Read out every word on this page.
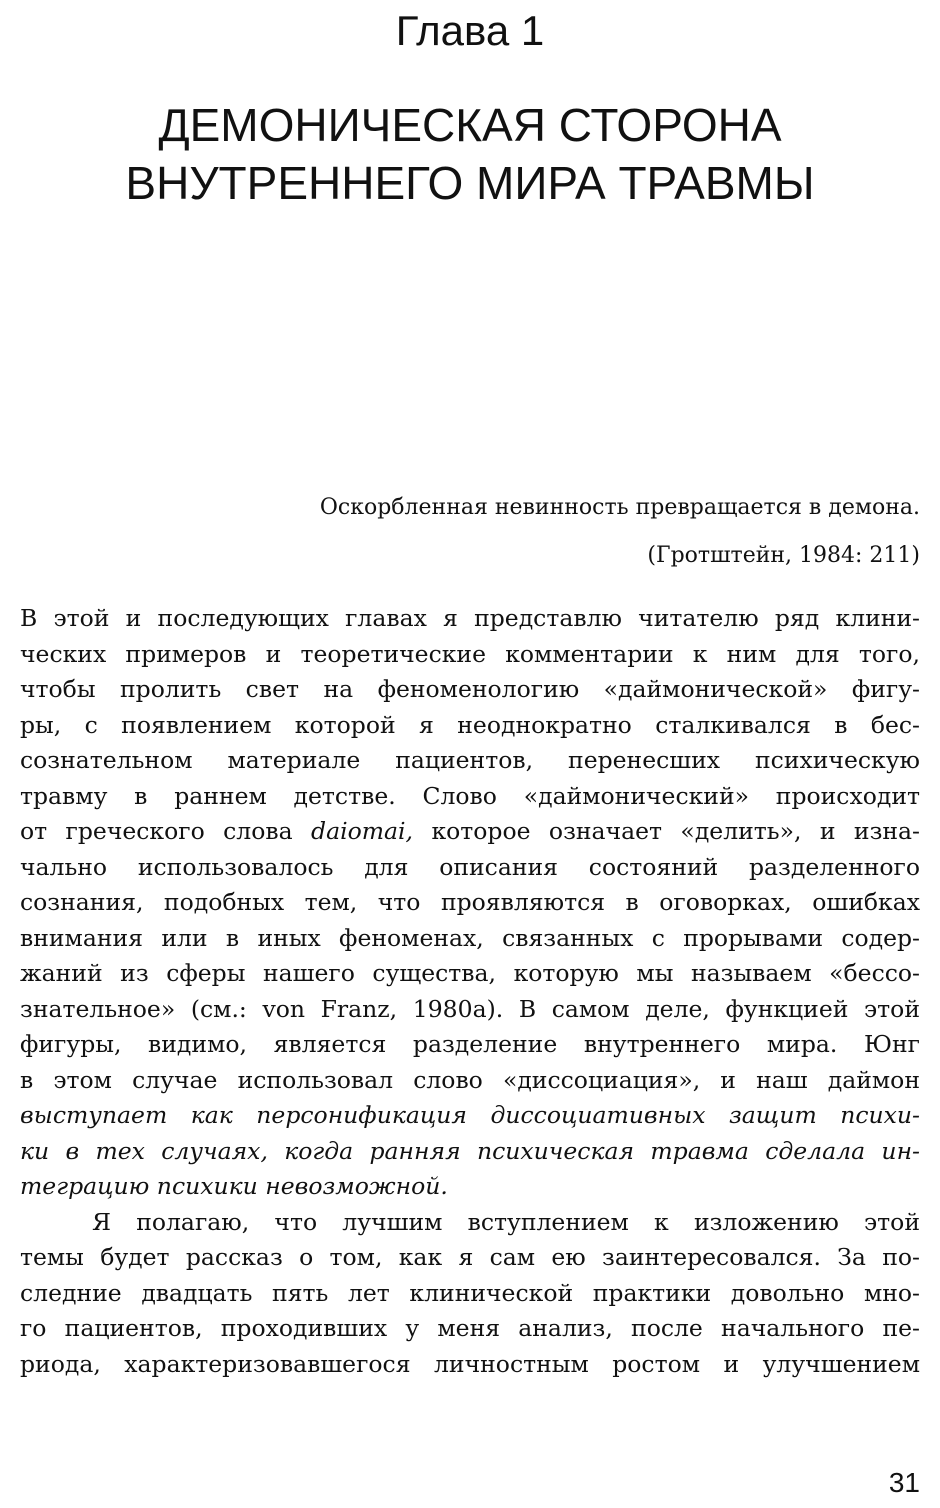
Глава 1
ДЕМОНИЧЕСКАЯ СТОРОНА
ВНУТРЕННЕГО МИРА ТРАВМЫ
Оскорбленная невинность превращается в демона.
(Гротштейн, 1984: 211)
В этой и последующих главах я представлю читателю ряд клини-
ческих примеров и теоретические комментарии к ним для того,
чтобы пролить свет на феноменологию «даймонической» фигу-
ры, с появлением которой я неоднократно сталкивался в бес-
сознательном материале пациентов, перенесших психическую
травму в раннем детстве. Слово «даймонический» происходит
от греческого слова daiomai, которое означает «делить», и изна-
чально использовалось для описания состояний разделенного
сознания, подобных тем, что проявляются в оговорках, ошибках
внимания или в иных феноменах, связанных с прорывами содер-
жаний из сферы нашего существа, которую мы называем «бессо-
знательное» (см.: von Franz, 1980a). В самом деле, функцией этой
фигуры, видимо, является разделение внутреннего мира. Юнг
в этом случае использовал слово «диссоциация», и наш даймон
выступает как персонификация диссоциативных защит психи-
ки в тех случаях, когда ранняя психическая травма сделала ин-
теграцию психики невозможной.
Я полагаю, что лучшим вступлением к изложению этой
темы будет рассказ о том, как я сам ею заинтересовался. За по-
следние двадцать пять лет клинической практики довольно мно-
го пациентов, проходивших у меня анализ, после начального пе-
риода, характеризовавшегося личностным ростом и улучшением
31
